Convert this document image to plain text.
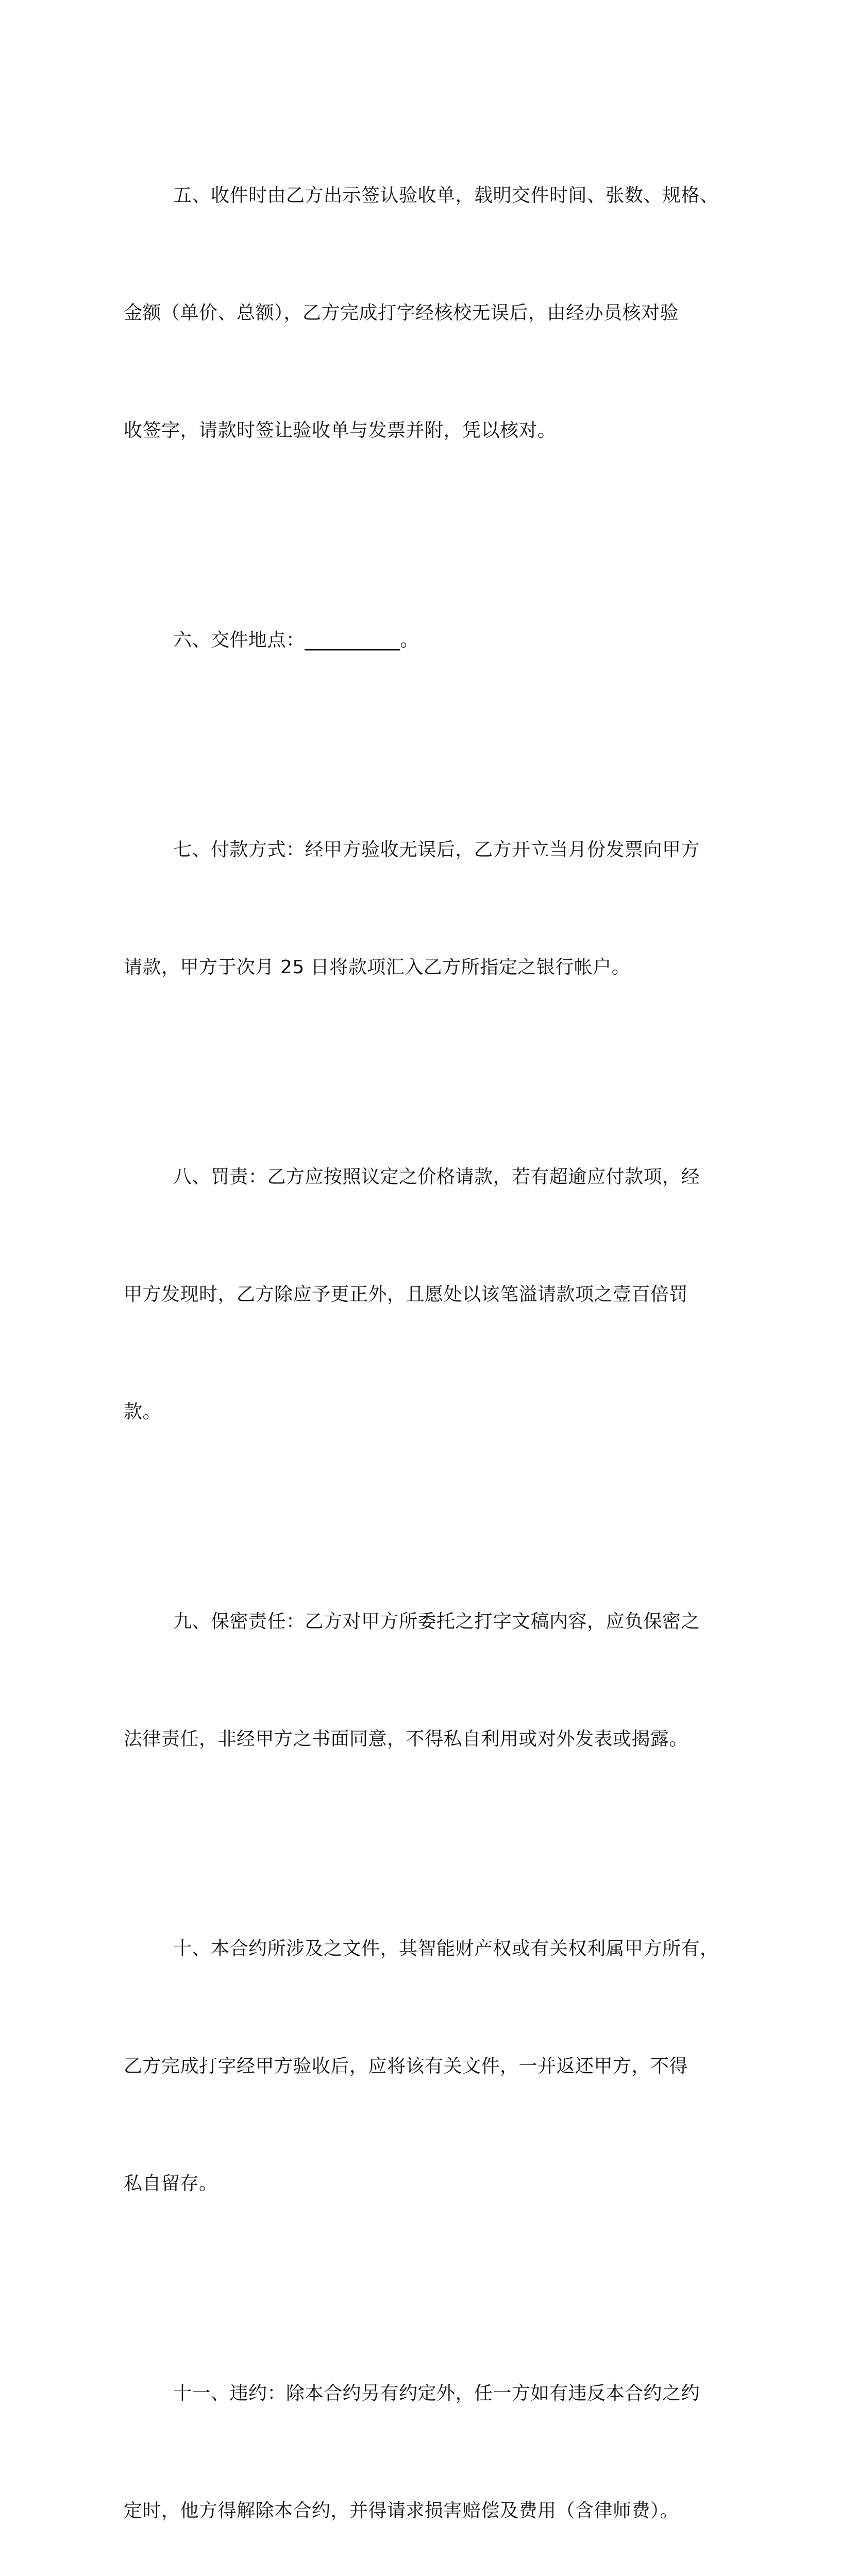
五、收件时由乙方出示签认验收单，载明交件时间、张数、规格、

金额（单价、总额），乙方完成打字经核校无误后，由经办员核对验

收签字，请款时签让验收单与发票并附，凭以核对。

六、交件地点：__________。

七、付款方式：经甲方验收无误后，乙方开立当月份发票向甲方

请款，甲方于次月 25 日将款项汇入乙方所指定之银行帐户。

八、罚责：乙方应按照议定之价格请款，若有超逾应付款项，经

甲方发现时，乙方除应予更正外，且愿处以该笔溢请款项之壹百倍罚

款。

九、保密责任：乙方对甲方所委托之打字文稿内容，应负保密之

法律责任，非经甲方之书面同意，不得私自利用或对外发表或揭露。

十、本合约所涉及之文件，其智能财产权或有关权利属甲方所有，

乙方完成打字经甲方验收后，应将该有关文件，一并返还甲方，不得

私自留存。

十一、违约：除本合约另有约定外，任一方如有违反本合约之约

定时，他方得解除本合约，并得请求损害赔偿及费用（含律师费）。
